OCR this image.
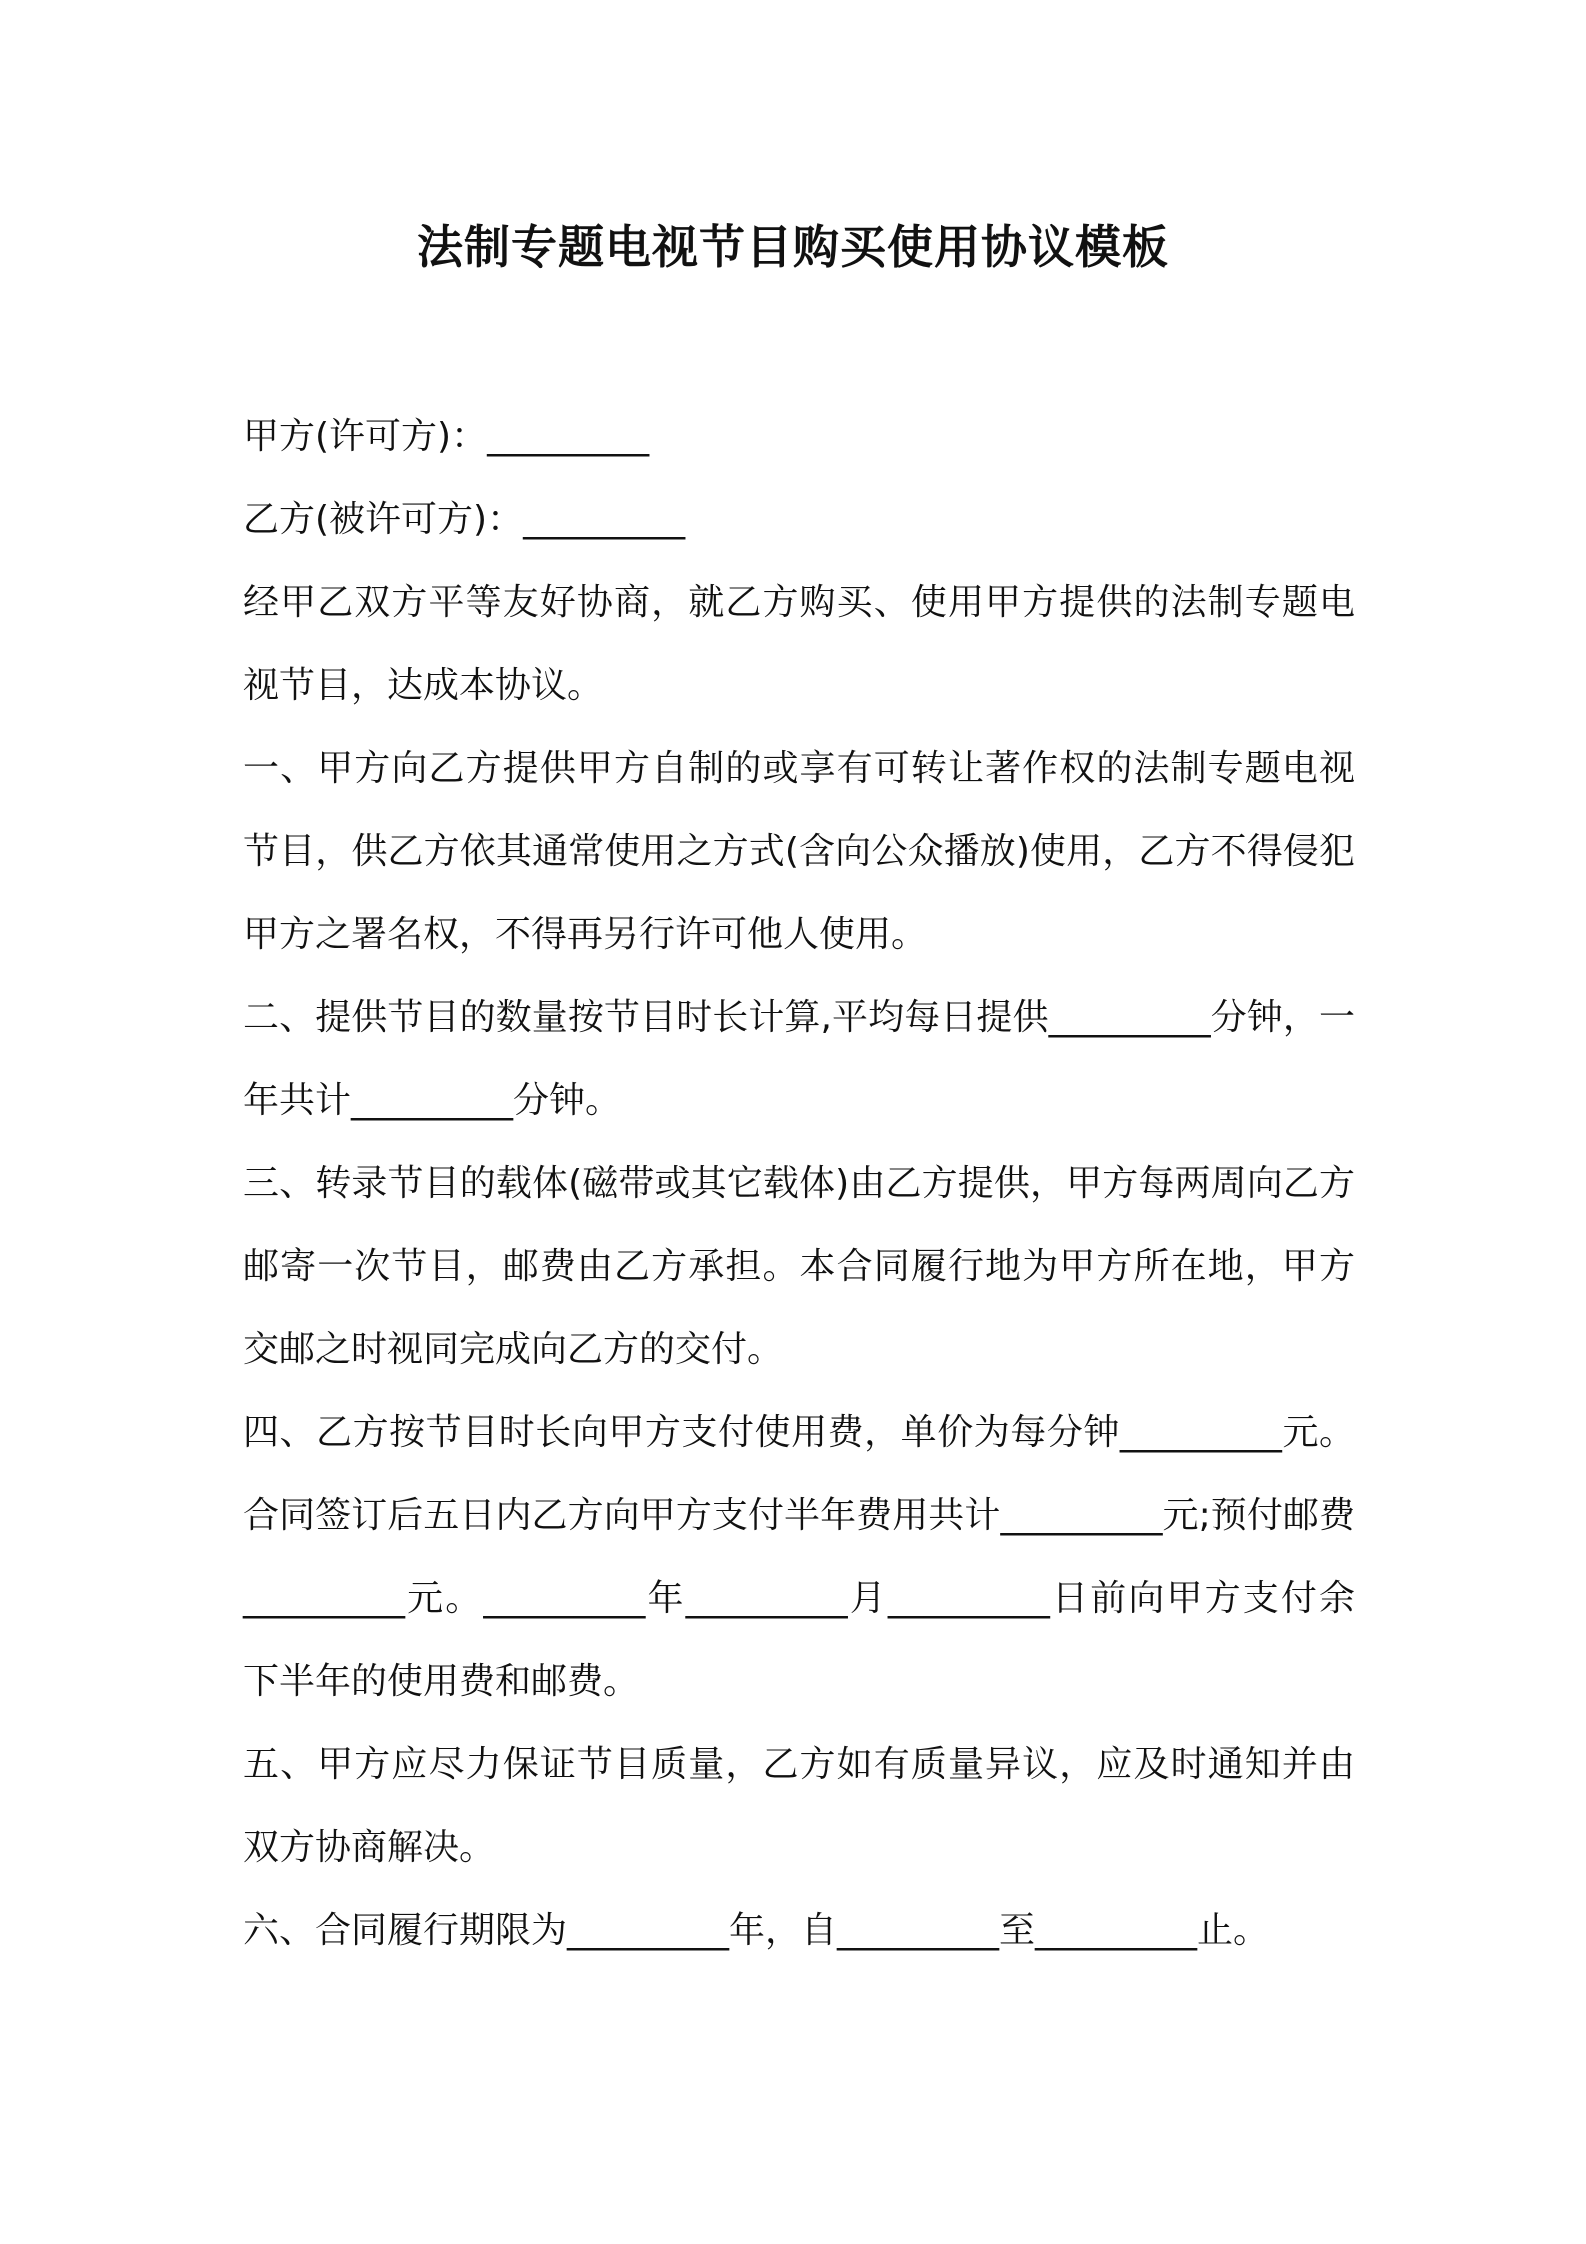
法制专题电视节目购买使用协议模板

甲方(许可方)：_________

乙方(被许可方)：_________

经甲乙双方平等友好协商，就乙方购买、使用甲方提供的法制专题电视节目，达成本协议。

一、甲方向乙方提供甲方自制的或享有可转让著作权的法制专题电视节目，供乙方依其通常使用之方式(含向公众播放)使用，乙方不得侵犯甲方之署名权，不得再另行许可他人使用。

二、提供节目的数量按节目时长计算,平均每日提供_________分钟，一年共计_________分钟。

三、转录节目的载体(磁带或其它载体)由乙方提供，甲方每两周向乙方邮寄一次节目，邮费由乙方承担。本合同履行地为甲方所在地，甲方交邮之时视同完成向乙方的交付。

四、乙方按节目时长向甲方支付使用费，单价为每分钟_________元。合同签订后五日内乙方向甲方支付半年费用共计_________元;预付邮费_________元。_________年_________月_________日前向甲方支付余下半年的使用费和邮费。

五、甲方应尽力保证节目质量，乙方如有质量异议，应及时通知并由双方协商解决。

六、合同履行期限为_________年，自_________至_________止。
